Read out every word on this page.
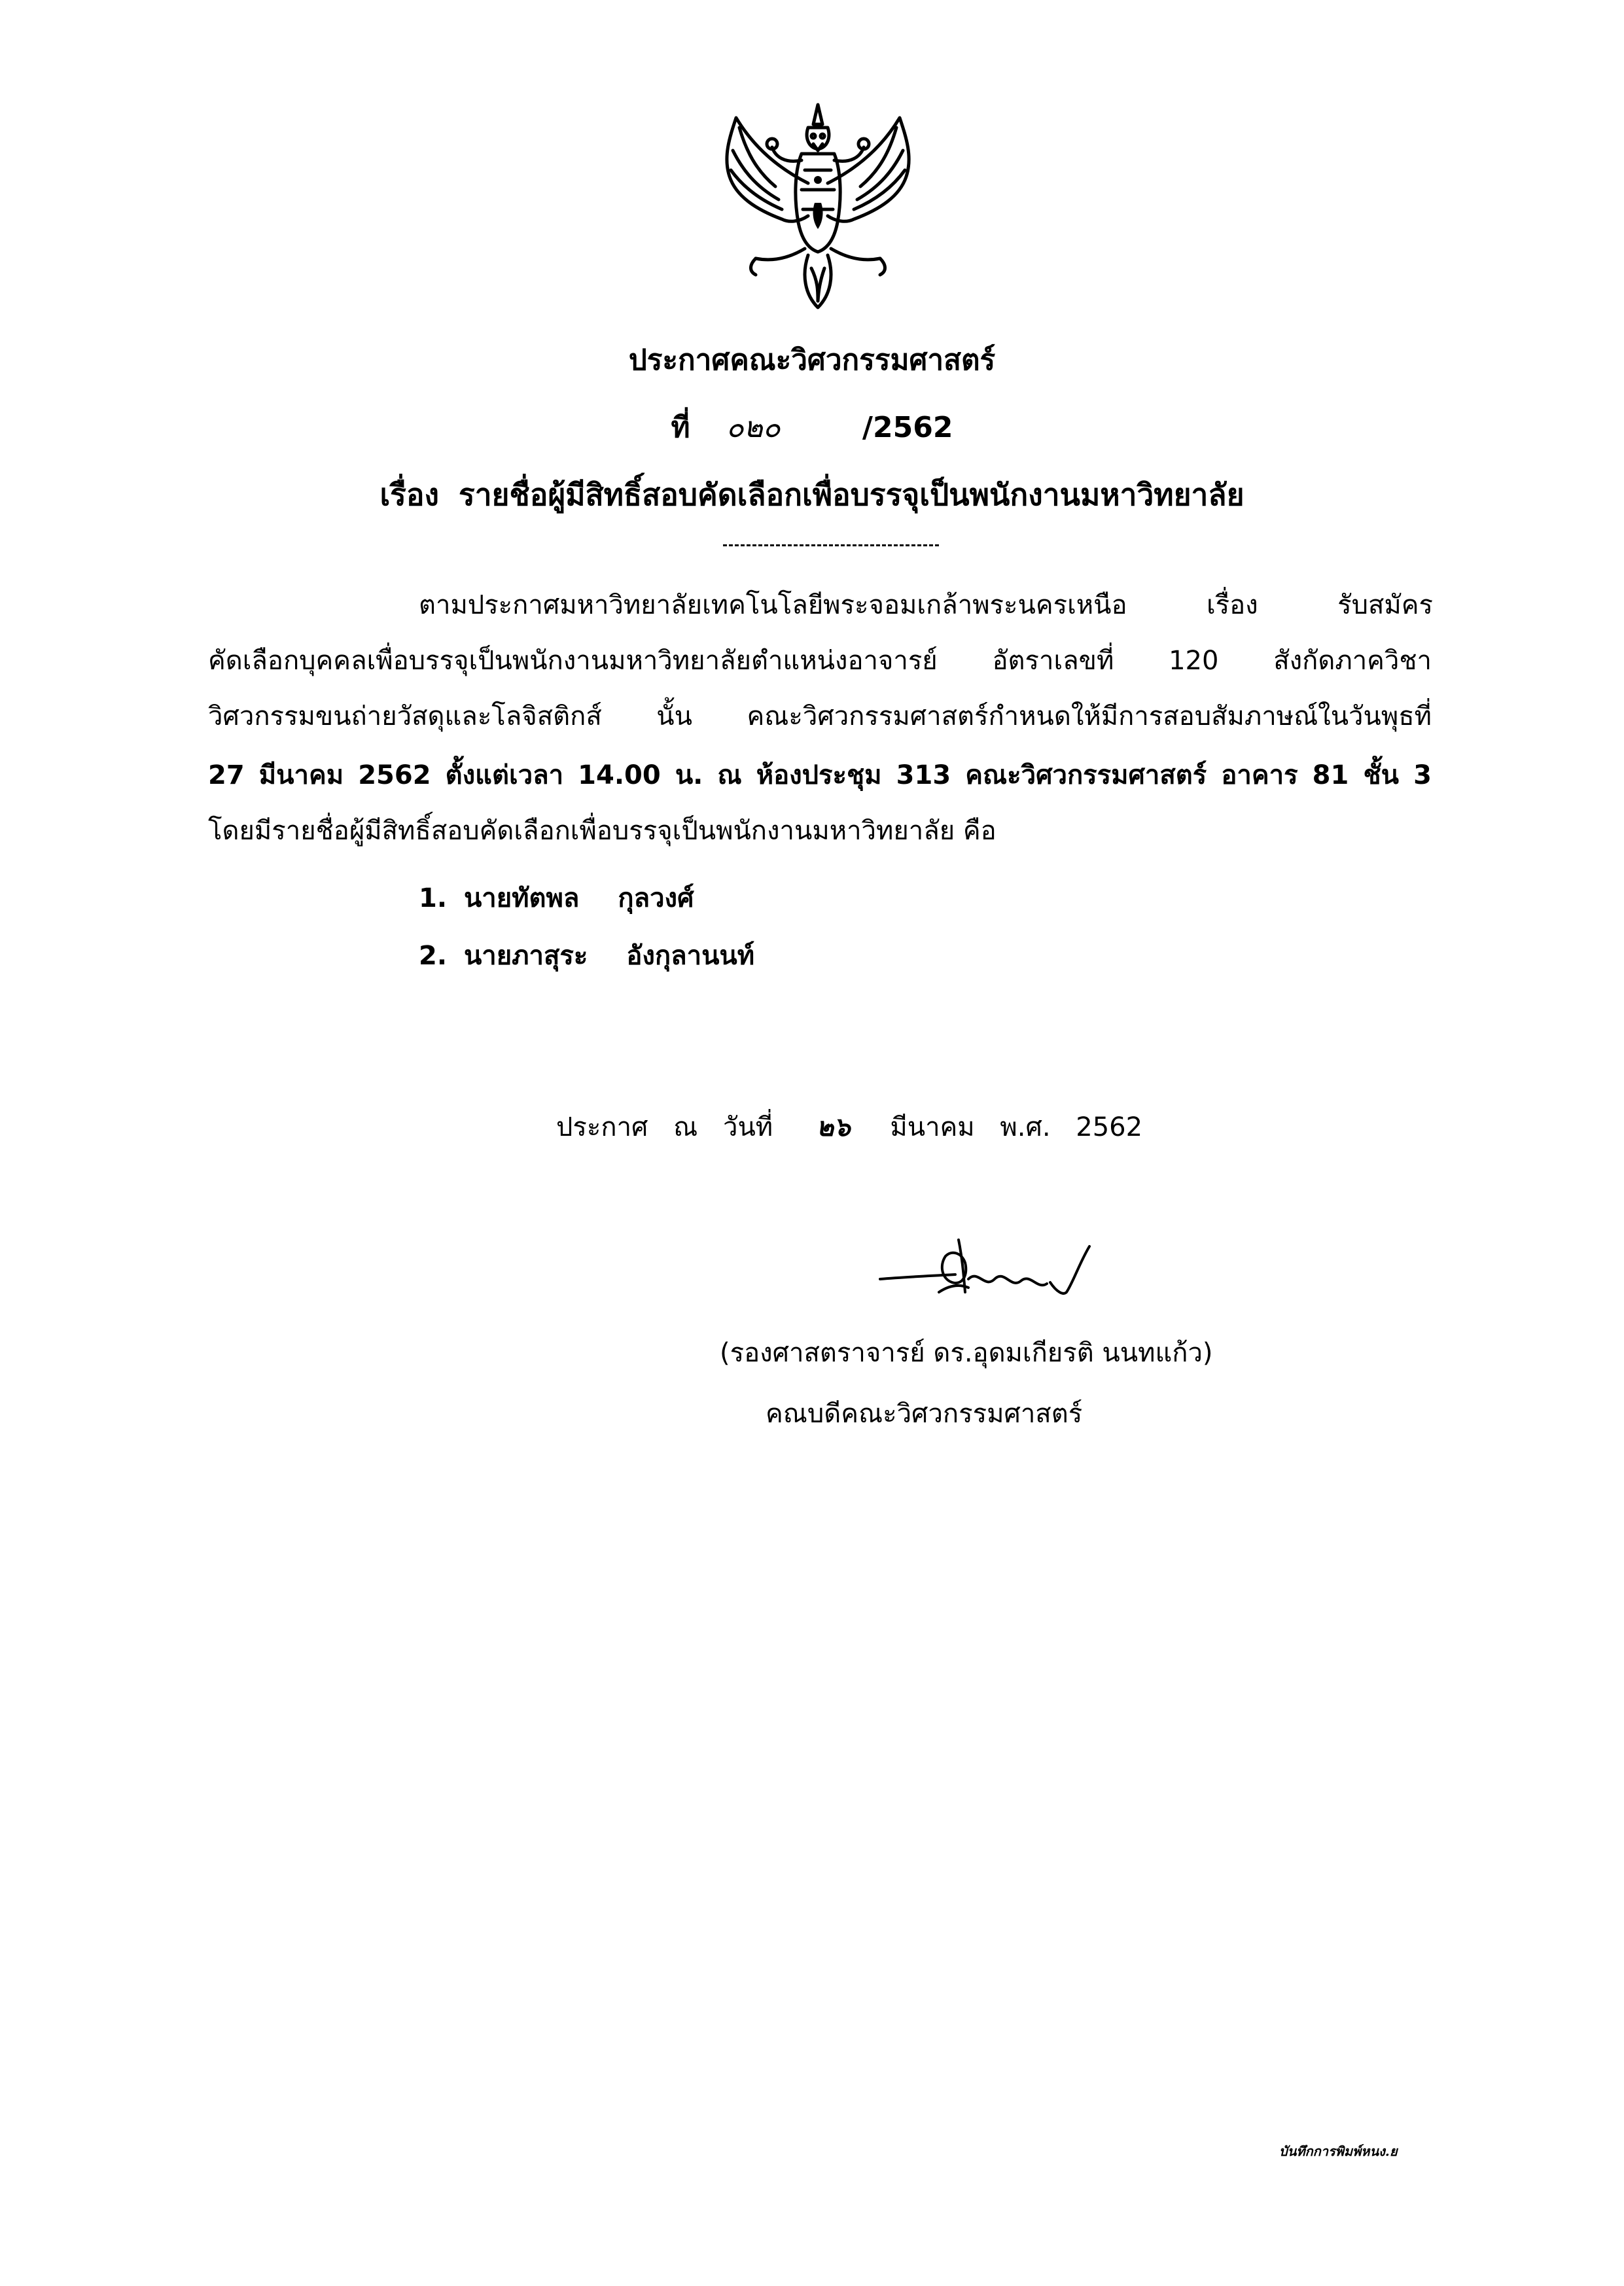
ประกาศคณะวิศวกรรมศาสตร์
ที่ ๐๒๐	/2562
เรื่อง รายชื่อผู้มีสิทธิ์สอบคัดเลือกเพื่อบรรจุเป็นพนักงานมหาวิทยาลัย
ตามประกาศมหาวิทยาลัยเทคโนโลยีพระจอมเกล้าพระนครเหนือ	เรื่อง	รับสมัคร
คัดเลือกบุคคลเพื่อบรรจุเป็นพนักงานมหาวิทยาลัยตำแหน่งอาจารย์ อัตราเลขที่ 120 สังกัดภาควิชา
วิศวกรรมขนถ่ายวัสดุและโลจิสติกส์ นั้น คณะวิศวกรรมศาสตร์กำหนดให้มีการสอบสัมภาษณ์ในวันพุธที่
27 มีนาคม 2562 ตั้งแต่เวลา 14.00 น. ณ ห้องประชุม 313 คณะวิศวกรรมศาสตร์ อาคาร 81 ชั้น 3
โดยมีรายชื่อผู้มีสิทธิ์สอบคัดเลือกเพื่อบรรจุเป็นพนักงานมหาวิทยาลัย คือ
1. นายทัตพล กุลวงศ์
2. นายภาสุระ อังกุลานนท์
ประกาศ ณ วันที่ ๒๖ มีนาคม พ.ศ. 2562
(รองศาสตราจารย์ ดร.อุดมเกียรติ นนทแก้ว)
คณบดีคณะวิศวกรรมศาสตร์
บันทึกการพิมพ์หนง.ย
